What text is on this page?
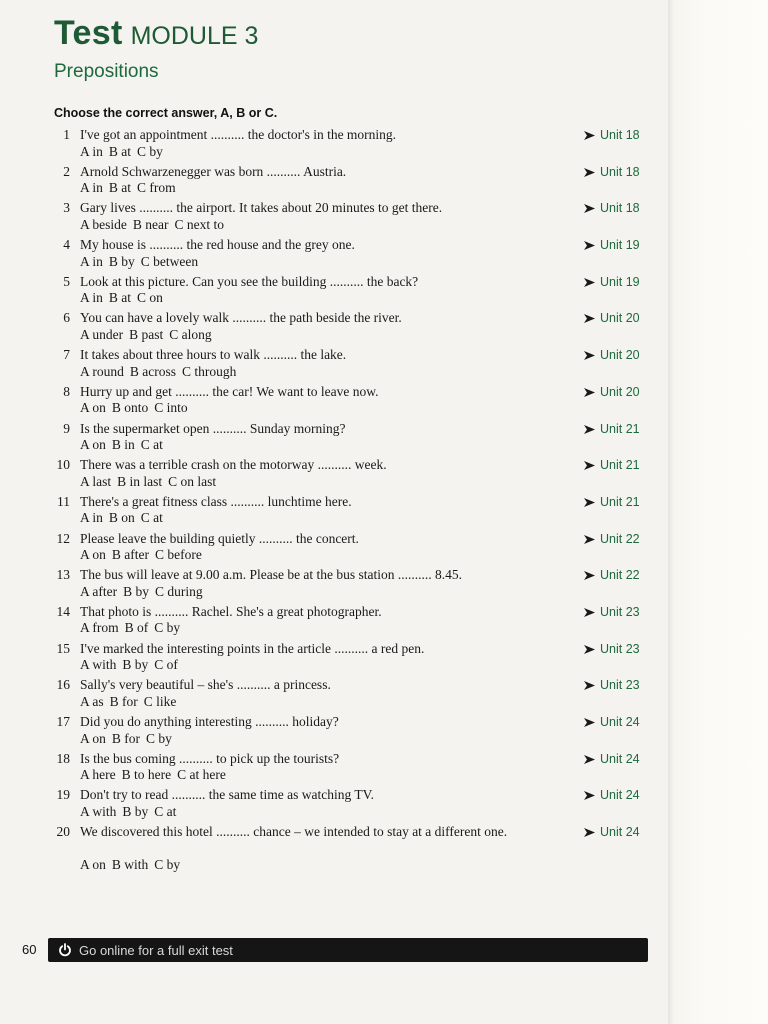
Test MODULE 3
Prepositions
Choose the correct answer, A, B or C.
1 I've got an appointment .......... the doctor's in the morning.
A in B at C by
Unit 18
2 Arnold Schwarzenegger was born .......... Austria.
A in B at C from
Unit 18
3 Gary lives .......... the airport. It takes about 20 minutes to get there.
A beside B near C next to
Unit 18
4 My house is .......... the red house and the grey one.
A in B by C between
Unit 19
5 Look at this picture. Can you see the building .......... the back?
A in B at C on
Unit 19
6 You can have a lovely walk .......... the path beside the river.
A under B past C along
Unit 20
7 It takes about three hours to walk .......... the lake.
A round B across C through
Unit 20
8 Hurry up and get .......... the car! We want to leave now.
A on B onto C into
Unit 20
9 Is the supermarket open .......... Sunday morning?
A on B in C at
Unit 21
10 There was a terrible crash on the motorway .......... week.
A last B in last C on last
Unit 21
11 There's a great fitness class .......... lunchtime here.
A in B on C at
Unit 21
12 Please leave the building quietly .......... the concert.
A on B after C before
Unit 22
13 The bus will leave at 9.00 a.m. Please be at the bus station .......... 8.45.
A after B by C during
Unit 22
14 That photo is .......... Rachel. She's a great photographer.
A from B of C by
Unit 23
15 I've marked the interesting points in the article .......... a red pen.
A with B by C of
Unit 23
16 Sally's very beautiful – she's .......... a princess.
A as B for C like
Unit 23
17 Did you do anything interesting .......... holiday?
A on B for C by
Unit 24
18 Is the bus coming .......... to pick up the tourists?
A here B to here C at here
Unit 24
19 Don't try to read .......... the same time as watching TV.
A with B by C at
Unit 24
20 We discovered this hotel .......... chance – we intended to stay at a different one.
A on B with C by
Unit 24
60	Go online for a full exit test
